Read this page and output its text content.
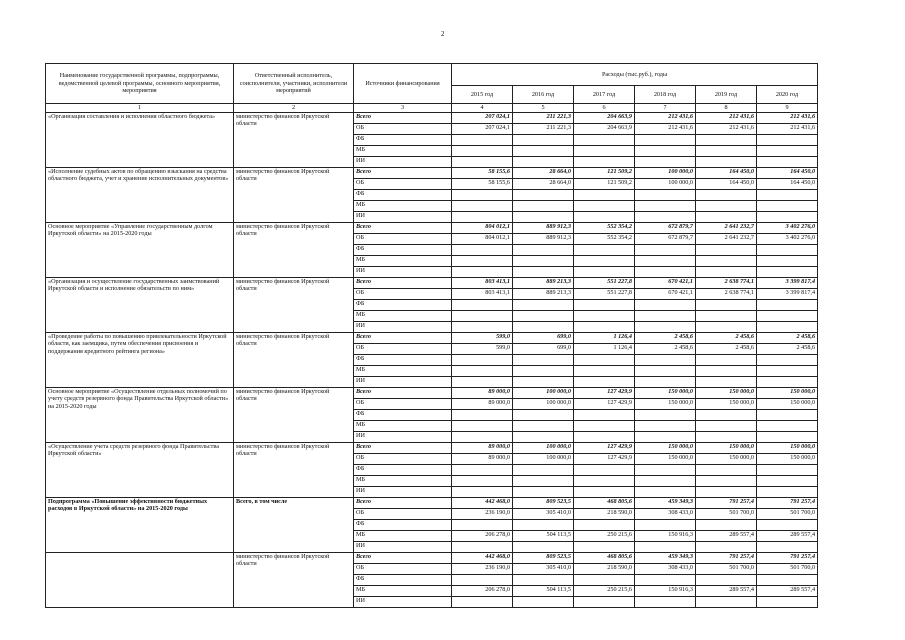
2
Наименование государственной программы, подпрограммы, ведомственной целевой программы, основного мероприятия, мероприятия	Ответственный исполнитель, соисполнители, участники, исполнители мероприятий	Источники финансирования	Расходы (тыс.руб.), годы					
			2015 год	2016 год	2017 год	2018 год	2019 год	2020 год
1	2	3	4	5	6	7	8	9
«Организация составления и исполнения областного бюджета»	министерство финансов Иркутской области	Всего	207 024,1	211 221,3	204 663,9	212 431,6	212 431,6	212 431,6
		ОБ	207 024,1	211 221,3	204 663,9	212 431,6	212 431,6	212 431,6
		ФБ						
		МБ						
		ИИ						
«Исполнение судебных актов по обращению взыскания на средства областного бюджета, учет и хранение исполнительных документов»	министерство финансов Иркутской области	Всего	58 155,6	28 664,0	121 509,2	100 000,0	164 450,0	164 450,0
		ОБ	58 155,6	28 664,0	121 509,2	100 000,0	164 450,0	164 450,0
		ФБ						
		МБ						
		ИИ						
Основное мероприятие «Управление государственным долгом Иркутской области» на 2015-2020 годы	министерство финансов Иркутской области	Всего	804 012,1	889 912,3	552 354,2	672 879,7	2 641 232,7	3 402 276,0
		ОБ	804 012,1	889 912,3	552 354,2	672 879,7	2 641 232,7	3 402 276,0
		ФБ						
		МБ						
		ИИ						
«Организация и осуществление государственных заимствований Иркутской области и исполнение обязательств по ним»	министерство финансов Иркутской области	Всего	803 413,1	889 213,3	551 227,8	670 421,1	2 638 774,1	3 399 817,4
		ОБ	803 413,1	889 213,3	551 227,8	670 421,1	2 638 774,1	3 399 817,4
		ФБ						
		МБ						
		ИИ						
«Проведение работы по повышению привлекательности Иркутской области, как заемщика, путем обеспечения присвоения и поддержания кредитного рейтинга региона»	министерство финансов Иркутской области	Всего	599,0	699,0	1 126,4	2 458,6	2 458,6	2 458,6
		ОБ	599,0	699,0	1 126,4	2 458,6	2 458,6	2 458,6
		ФБ						
		МБ						
		ИИ						
Основное мероприятие «Осуществление отдельных полномочий по учету средств резервного фонда Правительства Иркутской области» на 2015-2020 годы	министерство финансов Иркутской области	Всего	89 000,0	100 000,0	127 429,9	150 000,0	150 000,0	150 000,0
		ОБ	89 000,0	100 000,0	127 429,9	150 000,0	150 000,0	150 000,0
		ФБ						
		МБ						
		ИИ						
«Осуществление учета средств резервного фонда Правительства Иркутской области»	министерство финансов Иркутской области	Всего	89 000,0	100 000,0	127 429,9	150 000,0	150 000,0	150 000,0
		ОБ	89 000,0	100 000,0	127 429,9	150 000,0	150 000,0	150 000,0
		ФБ						
		МБ						
		ИИ						
Подпрограмма «Повышение эффективности бюджетных расходов в Иркутской области» на 2015-2020 годы	Всего, в том числе	Всего	442 468,0	809 523,5	468 805,6	459 349,3	791 257,4	791 257,4
		ОБ	236 190,0	305 410,0	218 590,0	308 433,0	501 700,0	501 700,0
		ФБ						
		МБ	206 278,0	504 113,5	250 215,6	150 916,3	289 557,4	289 557,4
		ИИ						
	министерство финансов Иркутской области	Всего	442 468,0	809 523,5	468 805,6	459 349,3	791 257,4	791 257,4
		ОБ	236 190,0	305 410,0	218 590,0	308 433,0	501 700,0	501 700,0
		ФБ						
		МБ	206 278,0	504 113,5	250 215,6	150 916,3	289 557,4	289 557,4
		ИИ						
